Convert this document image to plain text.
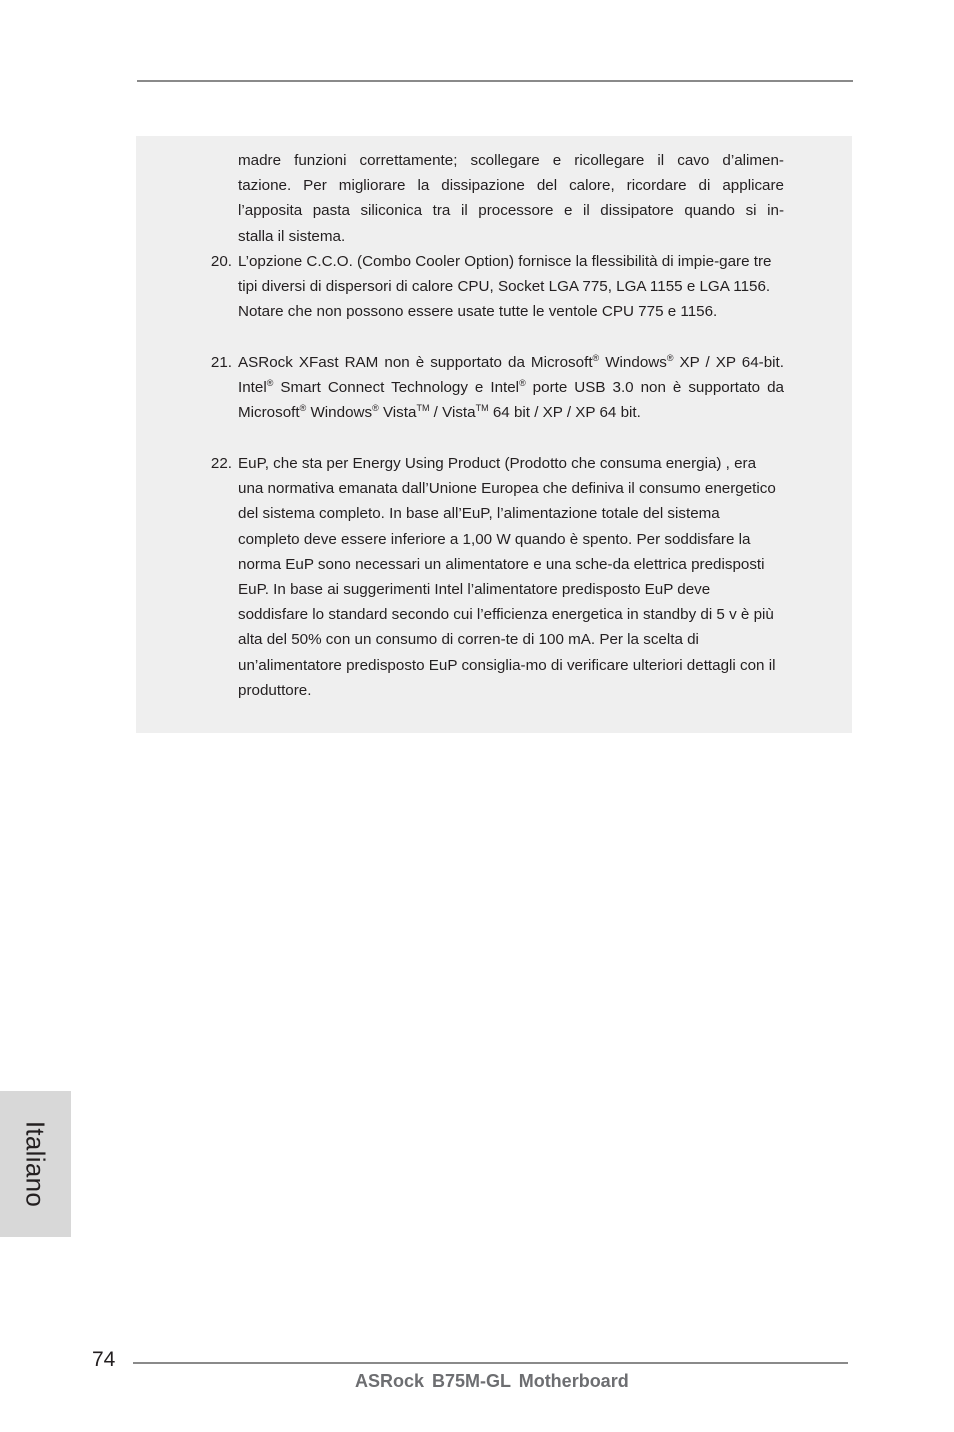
madre funzioni correttamente; scollegare e ricollegare il cavo d’alimen-
tazione. Per migliorare la dissipazione del calore, ricordare di applicare
l’apposita pasta siliconica tra il processore e il dissipatore quando si in-
stalla il sistema.

20. L’opzione C.C.O. (Combo Cooler Option) fornisce la flessibilità di impie-gare tre tipi diversi di dispersori di calore CPU, Socket LGA 775, LGA 1155 e LGA 1156. Notare che non possono essere usate tutte le ventole CPU 775 e 1156.

21. ASRock XFast RAM non è supportato da Microsoft® Windows® XP / XP 64-bit. Intel® Smart Connect Technology e Intel® porte USB 3.0 non è supportato da Microsoft® Windows® Vista™ / Vista™ 64 bit / XP / XP 64 bit.

22. EuP, che sta per Energy Using Product (Prodotto che consuma energia) , era una normativa emanata dall’Unione Europea che definiva il consumo energetico del sistema completo. In base all’EuP, l’alimentazione totale del sistema completo deve essere inferiore a 1,00 W quando è spento. Per soddisfare la norma EuP sono necessari un alimentatore e una sche-da elettrica predisposti EuP. In base ai suggerimenti Intel l’alimentatore predisposto EuP deve soddisfare lo standard secondo cui l’efficienza energetica in standby di 5 v è più alta del 50% con un consumo di corren-te di 100 mA. Per la scelta di un’alimentatore predisposto EuP consiglia-mo di verificare ulteriori dettagli con il produttore.

Italiano
74
ASRock B75M-GL Motherboard
